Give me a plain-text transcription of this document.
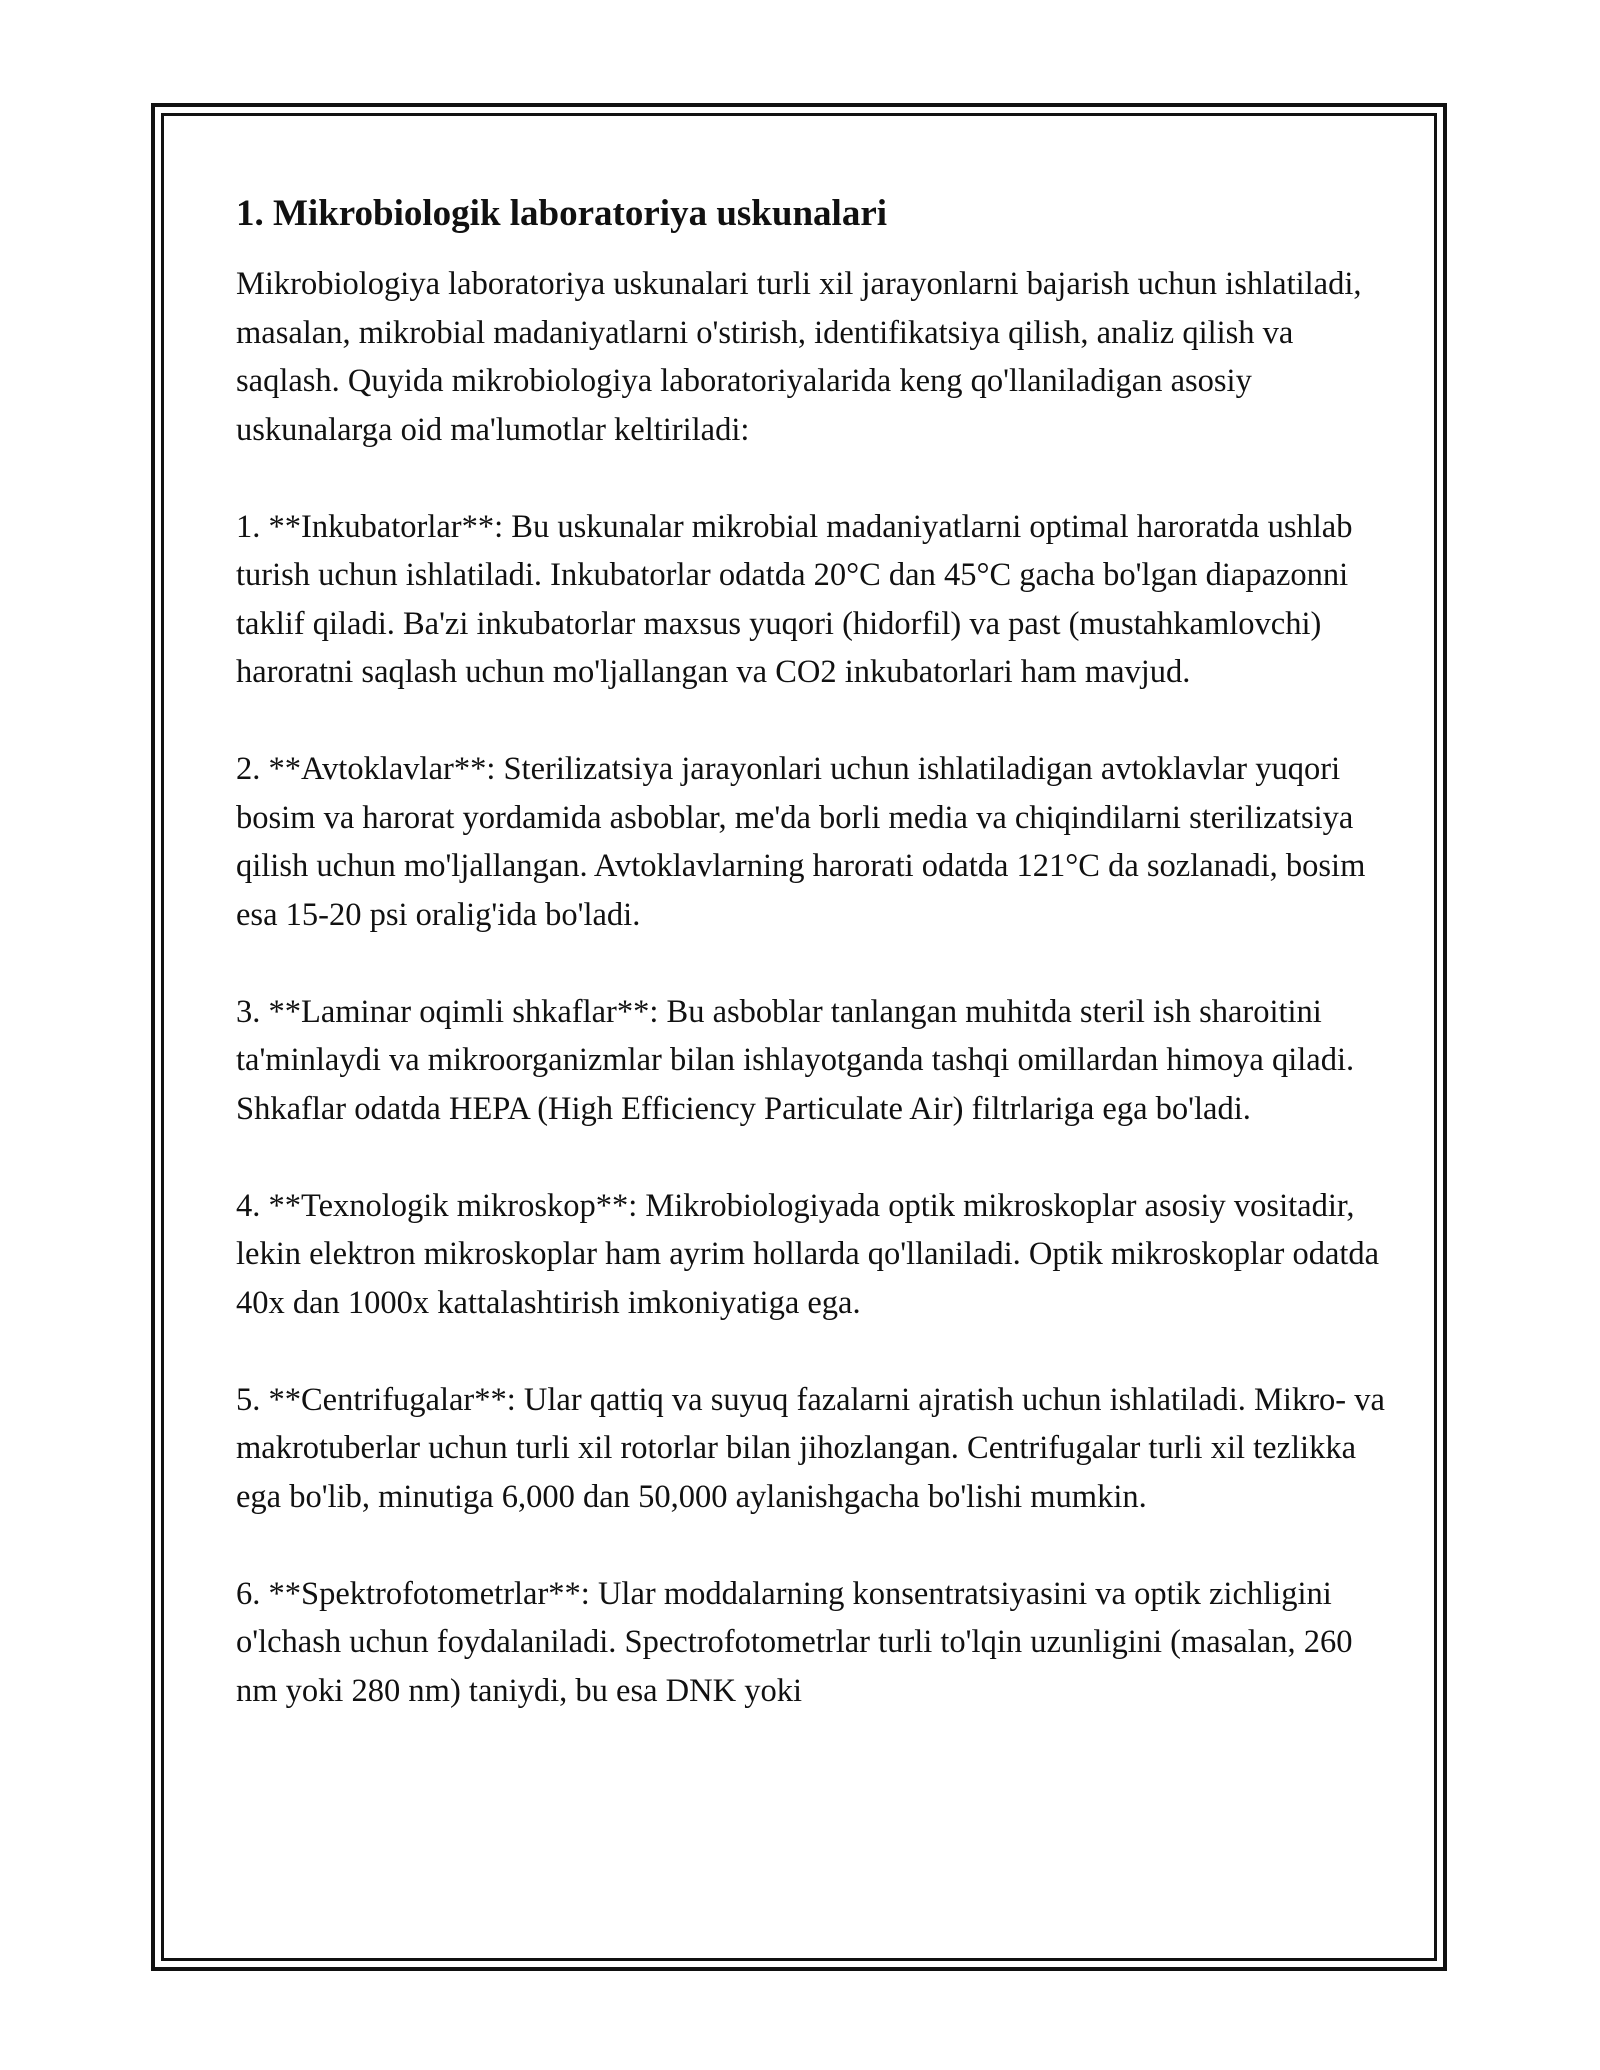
1. Mikrobiologik laboratoriya uskunalari

Mikrobiologiya laboratoriya uskunalari turli xil jarayonlarni bajarish uchun ishlatiladi, masalan, mikrobial madaniyatlarni o'stirish, identifikatsiya qilish, analiz qilish va saqlash. Quyida mikrobiologiya laboratoriyalarida keng qo'llaniladigan asosiy uskunalarga oid ma'lumotlar keltiriladi:

1. **Inkubatorlar**: Bu uskunalar mikrobial madaniyatlarni optimal haroratda ushlab turish uchun ishlatiladi. Inkubatorlar odatda 20°C dan 45°C gacha bo'lgan diapazonni taklif qiladi. Ba'zi inkubatorlar maxsus yuqori (hidorfil) va past (mustahkamlovchi) haroratni saqlash uchun mo'ljallangan va CO2 inkubatorlari ham mavjud.

2. **Avtoklavlar**: Sterilizatsiya jarayonlari uchun ishlatiladigan avtoklavlar yuqori bosim va harorat yordamida asboblar, me'da borli media va chiqindilarni sterilizatsiya qilish uchun mo'ljallangan. Avtoklavlarning harorati odatda 121°C da sozlanadi, bosim esa 15-20 psi oralig'ida bo'ladi.

3. **Laminar oqimli shkaflar**: Bu asboblar tanlangan muhitda steril ish sharoitini ta'minlaydi va mikroorganizmlar bilan ishlayotganda tashqi omillardan himoya qiladi. Shkaflar odatda HEPA (High Efficiency Particulate Air) filtrlariga ega bo'ladi.

4. **Texnologik mikroskop**: Mikrobiologiyada optik mikroskoplar asosiy vositadir, lekin elektron mikroskoplar ham ayrim hollarda qo'llaniladi. Optik mikroskoplar odatda 40x dan 1000x kattalashtirish imkoniyatiga ega.

5. **Centrifugalar**: Ular qattiq va suyuq fazalarni ajratish uchun ishlatiladi. Mikro- va makrotuberlar uchun turli xil rotorlar bilan jihozlangan. Centrifugalar turli xil tezlikka ega bo'lib, minutiga 6,000 dan 50,000 aylanishgacha bo'lishi mumkin.

6. **Spektrofotometrlar**: Ular moddalarning konsentratsiyasini va optik zichligini o'lchash uchun foydalaniladi. Spectrofotometrlar turli to'lqin uzunligini (masalan, 260 nm yoki 280 nm) taniydi, bu esa DNK yoki
